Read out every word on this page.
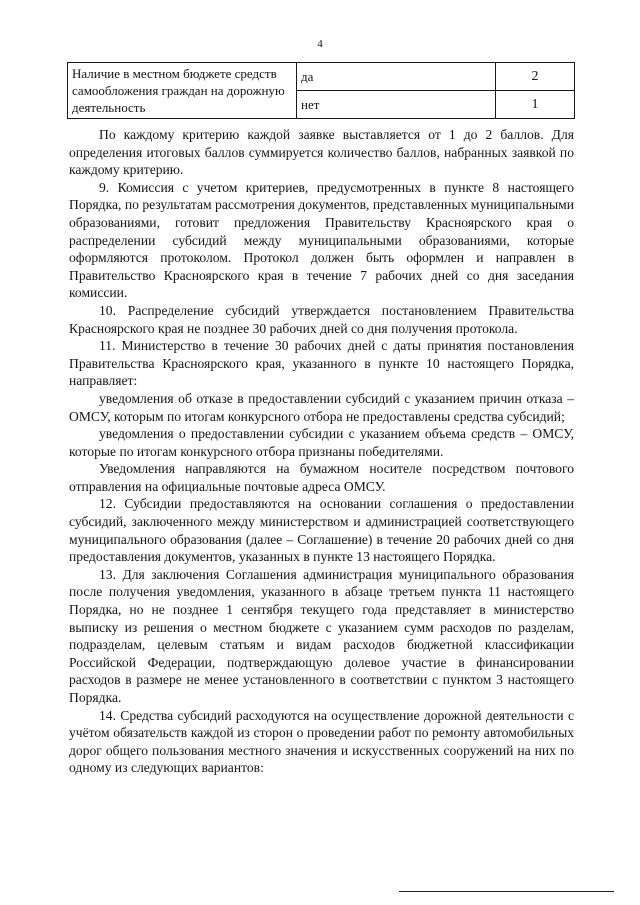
4
Наличие в местном бюджете средств самообложения граждан на дорожную деятельность	да	2
	нет	1

По каждому критерию каждой заявке выставляется от 1 до 2 баллов. Для определения итоговых баллов суммируется количество баллов, набранных заявкой по каждому критерию.

9. Комиссия с учетом критериев, предусмотренных в пункте 8 настоящего Порядка, по результатам рассмотрения документов, представленных муниципальными образованиями, готовит предложения Правительству Красноярского края о распределении субсидий между муниципальными образованиями, которые оформляются протоколом. Протокол должен быть оформлен и направлен в Правительство Красноярского края в течение 7 рабочих дней со дня заседания комиссии.

10. Распределение субсидий утверждается постановлением Правительства Красноярского края не позднее 30 рабочих дней со дня получения протокола.

11. Министерство в течение 30 рабочих дней с даты принятия постановления Правительства Красноярского края, указанного в пункте 10 настоящего Порядка, направляет:

уведомления об отказе в предоставлении субсидий с указанием причин отказа – ОМСУ, которым по итогам конкурсного отбора не предоставлены средства субсидий;

уведомления о предоставлении субсидии с указанием объема средств – ОМСУ, которые по итогам конкурсного отбора признаны победителями.

Уведомления направляются на бумажном носителе посредством почтового отправления на официальные почтовые адреса ОМСУ.

12. Субсидии предоставляются на основании соглашения о предоставлении субсидий, заключенного между министерством и администрацией соответствующего муниципального образования (далее – Соглашение) в течение 20 рабочих дней со дня предоставления документов, указанных в пункте 13 настоящего Порядка.

13. Для заключения Соглашения администрация муниципального образования после получения уведомления, указанного в абзаце третьем пункта 11 настоящего Порядка, но не позднее 1 сентября текущего года представляет в министерство выписку из решения о местном бюджете с указанием сумм расходов по разделам, подразделам, целевым статьям и видам расходов бюджетной классификации Российской Федерации, подтверждающую долевое участие в финансировании расходов в размере не менее установленного в соответствии с пунктом 3 настоящего Порядка.

14. Средства субсидий расходуются на осуществление дорожной деятельности с учётом обязательств каждой из сторон о проведении работ по ремонту автомобильных дорог общего пользования местного значения и искусственных сооружений на них по одному из следующих вариантов:
